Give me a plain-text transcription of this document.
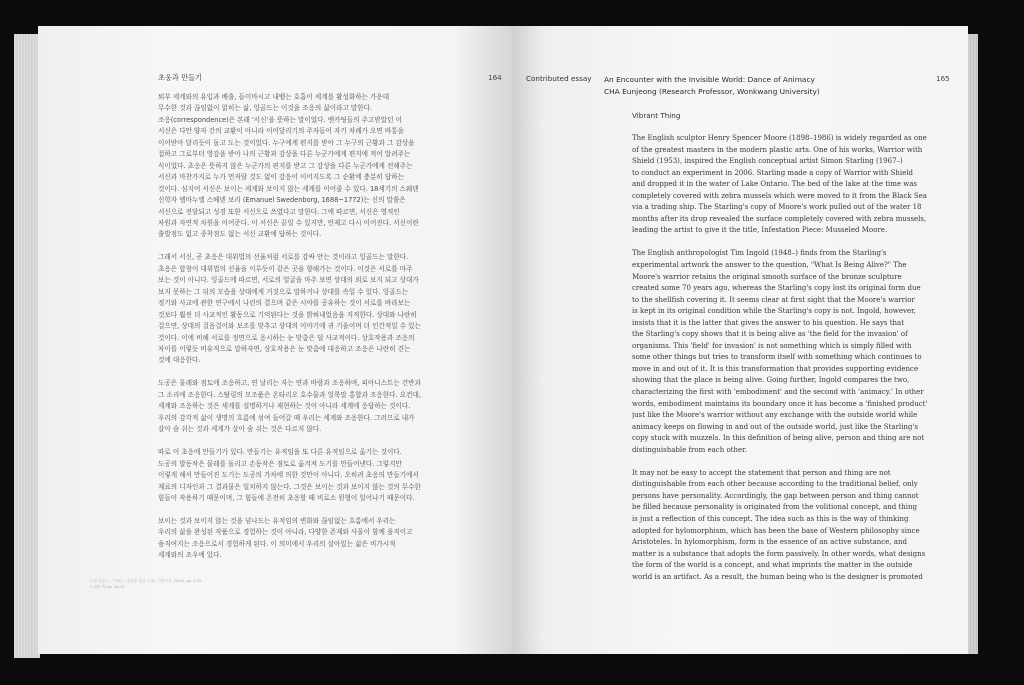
초웅과 만들기	164
퇴부 세계와의 유입과 배출, 들이마시고 내뱉는 호흡이 세계를 활성화하는 가운데
무수한 것과 끊임없이 얽히는 삶, 잉골드는 이것을 조응의 삶이라고 말한다.
조응(correspondence)은 본래 '서신'을 뜻하는 말이었다. 엔카팅들의 주고받았던 이
서신은 다만 양자 간의 교환이 아니라 이어달리기의 주자들이 자기 차례가 오면 바통을
이어받아 달리듯이 돌고 도는 것이었다. 누구에게 편지를 받아 그 누구의 근황과 그 감상을
접하고 그로부터 영감을 받아 나의 근황과 감상을 다른 누군가에게 편지에 적어 알려주는
식이었다. 초응은 뜻하지 않은 누군가의 편지를 받고 그 감상을 다른 누군가에게 전해주는
서신과 마찬가지로 누가 먼저랄 것도 없이 감응이 이어지도록 그 순환에 충분히 답하는
것이다. 심지어 서신은 보이는 세계와 보이지 않는 세계를 이어줄 수 있다. 18세기의 스웨덴
신학자 엠마누엘 스베덴 보리 (Emanuel Swedenborg, 1688~1772)는 신의 말씀은
서신으로 전달되고 성경 또한 서신으로 쓰였다고 말한다. 그에 따르면, 서신은 영적인
차원과 자연적 차원을 이어준다. 이 서신은 끝일 수 있지만, 언제고 다시 이어진다. 서신이란
출발점도 없고 종착점도 없는 서신 교환에 답하는 것이다.
그래서 서신, 곧 초응은 대위법의 선율처럼 서로를 감싸 안는 것이라고 잉골드는 말한다.
초응은 합창이 대위법의 선율을 이루듯이 같은 곳을 향해가는 것이다. 이것은 서로를 마주
보는 것이 아니다. 잉골드에 따르면, 서로의 얼굴을 마주 보면 상대의 외로 보지 되고 상대가
보지 못하는 그 뒤의 모습을 상대에게 거짓으로 말하거나 상대를 속일 수 있다. 잉골드는
정기와 사교에 관한 연구에서 나린의 결으며 같은 시야를 공유하는 것이 서로를 바라보는
것보다 훨씬 더 사교적인 활동으로 기억된다는 것을 밝혀내었음을 지적한다. 상대와 나란히
걸으면, 상대의 걸음걸이와 보조를 맞추고 상대의 이야기에 귀 기울이며 더 인간적일 수 있는
것이다. 이에 비해 서로를 정면으로 응시하는 눈 맞춤은 덜 사교적이다. 상호작용과 조응의
차이를 이렇듯 비유적으로 말하자면, 상호작용은 눈 맞춤에 대응하고 조응은 나란히 걷는
것에 대응한다.
도공은 물레와 점토에 조응하고, 연 날리는 자는 연과 바람과 조응하며, 피아니스트는 건반과
그 소리에 조응한다. 스탈링의 모조품은 온타리오 호수물과 얼룩말 홍합과 조응한다. 요컨대,
세계와 조응하는 것은 세계를 설명하거나 재현하는 것이 아니라 세계에 응답하는 것이다.
우리의 감각적 삶이 생명의 흐름에 섞여 들어갈 때 우리는 세계와 조응한다. 그러므로 내가
살아 숨 쉬는 것과 세계가 살아 숨 쉬는 것은 다르지 않다.
따로 이 초응에 만들기가 있다. 만들기는 유적임을 또 다른 유적임으로 옮기는 것이다.
도공의 발동작은 물레를 돌리고 손동작은 점토로 옮겨져 도기를 만들어낸다. 그렇지만
이렇게 해서 만들어진 도기는 도공의 가차에 의한 것만이 아니다. 오히려 초응의 만들기에서
재료의 디자인과 그 결과물은 일치하지 않는다. 그것은 보이는 것과 보이지 않는 것의 무수한
힘들이 작용하기 때문이며, 그 힘들에 온전히 초응할 때 비로소 원형이 일어나기 때문이다.
보이는 것과 보이지 않는 것을 넘나드는 유적임의 변화와 끊임없는 흐름에서 우리는
우리의 삶을 완성된 작품으로 경험하는 것이 아니라, 다양한 존재와 사물이 함께 움직이고
움직여지는 조응으로서 경험하게 된다. 이 의미에서 우리의 살아있는 삶은 비가시적
세계와의 조우에 있다.
1 팀 잉골드, 『조응』, 김현우 옮김 (서울: 가망서사, 2024), pp. 9-32.
2 위의 책, pp. 14-15.
Contributed essay An Encounter with the Invisible World: Dance of Animacy
CHA Eunjeong (Research Professor, Wonkwang University)
165
Vibrant Thing
The English sculptor Henry Spencer Moore (1898–1986) is widely regarded as one
of the greatest masters in the modern plastic arts. One of his works, Warrior with
Shield (1953), inspired the English conceptual artist Simon Starling (1967–)
to conduct an experiment in 2006. Starling made a copy of Warrior with Shield
and dropped it in the water of Lake Ontario. The bed of the lake at the time was
completely covered with zebra mussels which were moved to it from the Black Sea
via a trading ship. The Starling's copy of Moore's work pulled out of the water 18
months after its drop revealed the surface completely covered with zebra mussels,
leading the artist to give it the title, Infestation Piece: Musseled Moore.
The English anthropologist Tim Ingold (1948–) finds from the Starling's
experimental artwork the answer to the question, "What Is Being Alive?" The
Moore's warrior retains the original smooth surface of the bronze sculpture
created some 70 years ago, whereas the Starling's copy lost its original form due
to the shellfish covering it. It seems clear at first sight that the Moore's warrior
is kept in its original condition while the Starling's copy is not. Ingold, however,
insists that it is the latter that gives the answer to his question. He says that
the Starling's copy shows that it is being alive as 'the field for the invasion' of
organisms. This 'field' for invasion' is not something which is simply filled with
some other things but tries to transform itself with something which continues to
move in and out of it. It is this transformation that provides supporting evidence
showing that the place is being alive. Going further, Ingold compares the two,
characterizing the first with 'embodiment' and the second with 'animacy.' In other
words, embodiment maintains its boundary once it has become a 'finished product'
just like the Moore's warrior without any exchange with the outside world while
animacy keeps on flowing in and out of the outside world, just like the Starling's
copy stuck with muzzels. In this definition of being alive, person and thing are not
distinguishable from each other.
It may not be easy to accept the statement that person and thing are not
distinguishable from each other because according to the traditional belief, only
persons have personality. Accordingly, the gap between person and thing cannot
be filled because personality is originated from the volitional concept, and thing
is just a reflection of this concept. The idea such as this is the way of thinking
adopted for hylomorphism, which has been the base of Western philosophy since
Aristoteles. In hylomorphism, form is the essence of an active substance, and
matter is a substance that adopts the form passively. In other words, what designs
the form of the world is a concept, and what imprints the matter in the outside
world is an artifact. As a result, the human being who is the designer is promoted
